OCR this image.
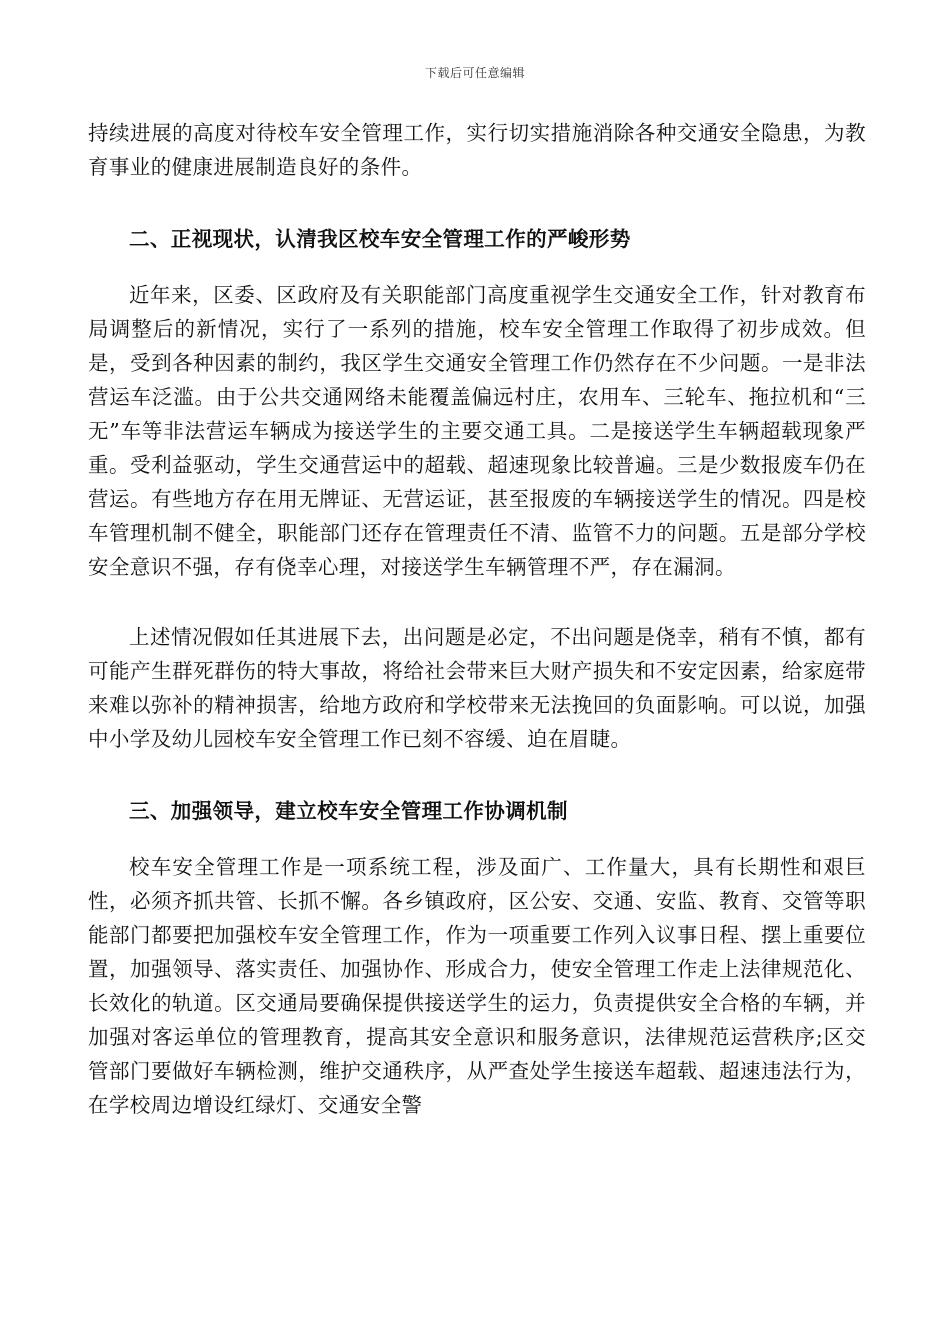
下载后可任意编辑

持续进展的高度对待校车安全管理工作，实行切实措施消除各种交通安全隐患，为教育事业的健康进展制造良好的条件。

二、正视现状，认清我区校车安全管理工作的严峻形势

近年来，区委、区政府及有关职能部门高度重视学生交通安全工作，针对教育布局调整后的新情况，实行了一系列的措施，校车安全管理工作取得了初步成效。但是，受到各种因素的制约，我区学生交通安全管理工作仍然存在不少问题。一是非法营运车泛滥。由于公共交通网络未能覆盖偏远村庄，农用车、三轮车、拖拉机和“三无”车等非法营运车辆成为接送学生的主要交通工具。二是接送学生车辆超载现象严重。受利益驱动，学生交通营运中的超载、超速现象比较普遍。三是少数报废车仍在营运。有些地方存在用无牌证、无营运证，甚至报废的车辆接送学生的情况。四是校车管理机制不健全，职能部门还存在管理责任不清、监管不力的问题。五是部分学校安全意识不强，存有侥幸心理，对接送学生车辆管理不严，存在漏洞。

上述情况假如任其进展下去，出问题是必定，不出问题是侥幸，稍有不慎，都有可能产生群死群伤的特大事故，将给社会带来巨大财产损失和不安定因素，给家庭带来难以弥补的精神损害，给地方政府和学校带来无法挽回的负面影响。可以说，加强中小学及幼儿园校车安全管理工作已刻不容缓、迫在眉睫。

三、加强领导，建立校车安全管理工作协调机制

校车安全管理工作是一项系统工程，涉及面广、工作量大，具有长期性和艰巨性，必须齐抓共管、长抓不懈。各乡镇政府，区公安、交通、安监、教育、交管等职能部门都要把加强校车安全管理工作，作为一项重要工作列入议事日程、摆上重要位置，加强领导、落实责任、加强协作、形成合力，使安全管理工作走上法律规范化、长效化的轨道。区交通局要确保提供接送学生的运力，负责提供安全合格的车辆，并加强对客运单位的管理教育，提高其安全意识和服务意识，法律规范运营秩序;区交管部门要做好车辆检测，维护交通秩序，从严查处学生接送车超载、超速违法行为，在学校周边增设红绿灯、交通安全警
